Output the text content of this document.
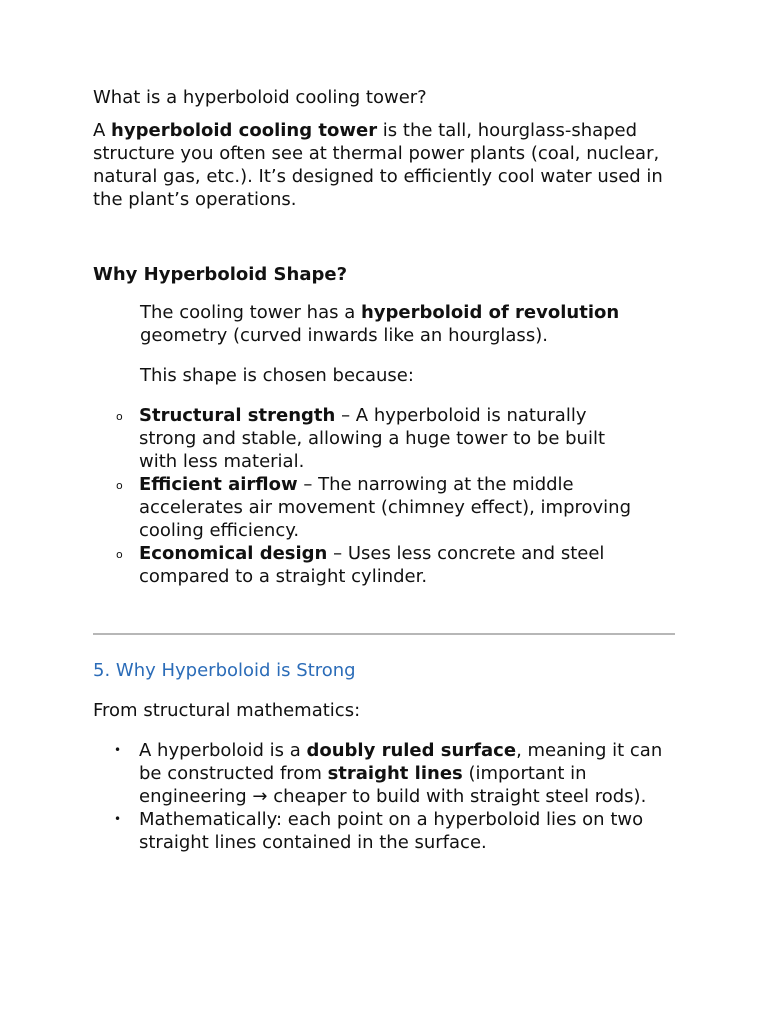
What is a hyperboloid cooling tower?

A hyperboloid cooling tower is the tall, hourglass-shaped structure you often see at thermal power plants (coal, nuclear, natural gas, etc.). It’s designed to efficiently cool water used in the plant’s operations.

Why Hyperboloid Shape?

The cooling tower has a hyperboloid of revolution geometry (curved inwards like an hourglass).

This shape is chosen because:

o Structural strength – A hyperboloid is naturally strong and stable, allowing a huge tower to be built with less material.
o Efficient airflow – The narrowing at the middle accelerates air movement (chimney effect), improving cooling efficiency.
o Economical design – Uses less concrete and steel compared to a straight cylinder.

5. Why Hyperboloid is Strong

From structural mathematics:

• A hyperboloid is a doubly ruled surface, meaning it can be constructed from straight lines (important in engineering → cheaper to build with straight steel rods).
• Mathematically: each point on a hyperboloid lies on two straight lines contained in the surface.
